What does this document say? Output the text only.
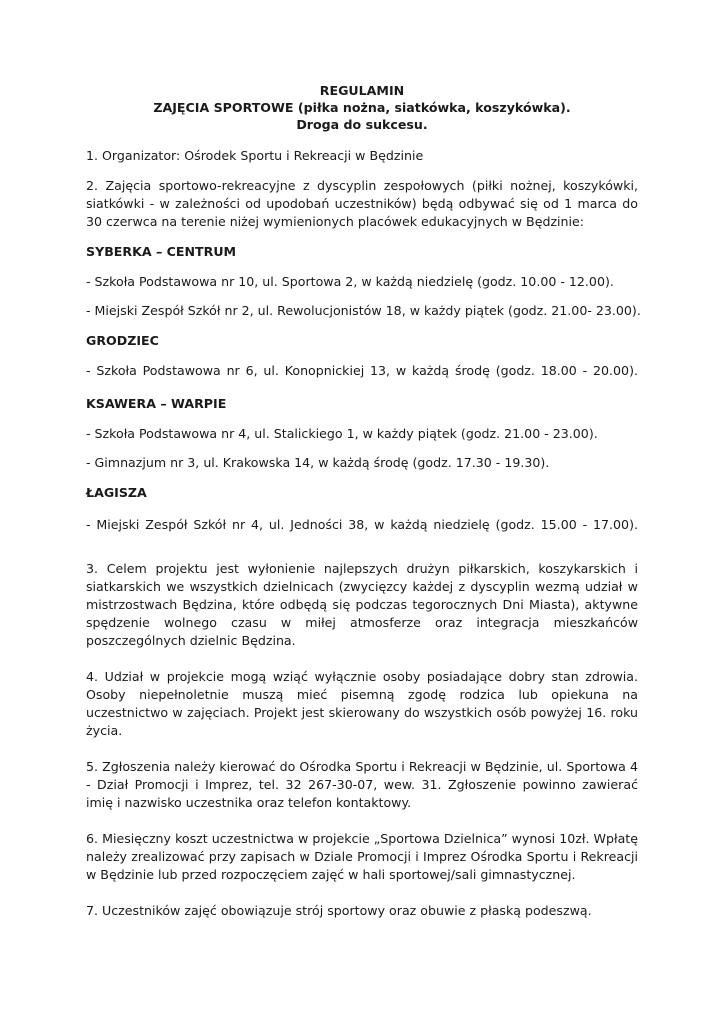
REGULAMIN
ZAJĘCIA SPORTOWE (piłka nożna, siatkówka, koszykówka).
Droga do sukcesu.

1. Organizator: Ośrodek Sportu i Rekreacji w Będzinie

2. Zajęcia sportowo-rekreacyjne z dyscyplin zespołowych (piłki nożnej, koszykówki, siatkówki - w zależności od upodobań uczestników) będą odbywać się od 1 marca do 30 czerwca na terenie niżej wymienionych placówek edukacyjnych w Będzinie:

SYBERKA – CENTRUM

- Szkoła Podstawowa nr 10, ul. Sportowa 2, w każdą niedzielę (godz. 10.00 - 12.00).

- Miejski Zespół Szkół nr 2, ul. Rewolucjonistów 18, w każdy piątek (godz. 21.00- 23.00).

GRODZIEC

- Szkoła Podstawowa nr 6, ul. Konopnickiej 13, w każdą środę (godz. 18.00 - 20.00).

KSAWERA – WARPIE

- Szkoła Podstawowa nr 4, ul. Stalickiego 1, w każdy piątek (godz. 21.00 - 23.00).

- Gimnazjum nr 3, ul. Krakowska 14, w każdą środę (godz. 17.30 - 19.30).

ŁAGISZA

- Miejski Zespół Szkół nr 4, ul. Jedności 38, w każdą niedzielę (godz. 15.00 - 17.00).

3. Celem projektu jest wyłonienie najlepszych drużyn piłkarskich, koszykarskich i siatkarskich we wszystkich dzielnicach (zwycięzcy każdej z dyscyplin wezmą udział w mistrzostwach Będzina, które odbędą się podczas tegorocznych Dni Miasta), aktywne spędzenie wolnego czasu w miłej atmosferze oraz integracja mieszkańców poszczególnych dzielnic Będzina.

4. Udział w projekcie mogą wziąć wyłącznie osoby posiadające dobry stan zdrowia. Osoby niepełnoletnie muszą mieć pisemną zgodę rodzica lub opiekuna na uczestnictwo w zajęciach. Projekt jest skierowany do wszystkich osób powyżej 16. roku życia.

5. Zgłoszenia należy kierować do Ośrodka Sportu i Rekreacji w Będzinie, ul. Sportowa 4 - Dział Promocji i Imprez, tel. 32 267-30-07, wew. 31. Zgłoszenie powinno zawierać imię i nazwisko uczestnika oraz telefon kontaktowy.

6. Miesięczny koszt uczestnictwa w projekcie „Sportowa Dzielnica” wynosi 10zł. Wpłatę należy zrealizować przy zapisach w Dziale Promocji i Imprez Ośrodka Sportu i Rekreacji w Będzinie lub przed rozpoczęciem zajęć w hali sportowej/sali gimnastycznej.

7. Uczestników zajęć obowiązuje strój sportowy oraz obuwie z płaską podeszwą.
